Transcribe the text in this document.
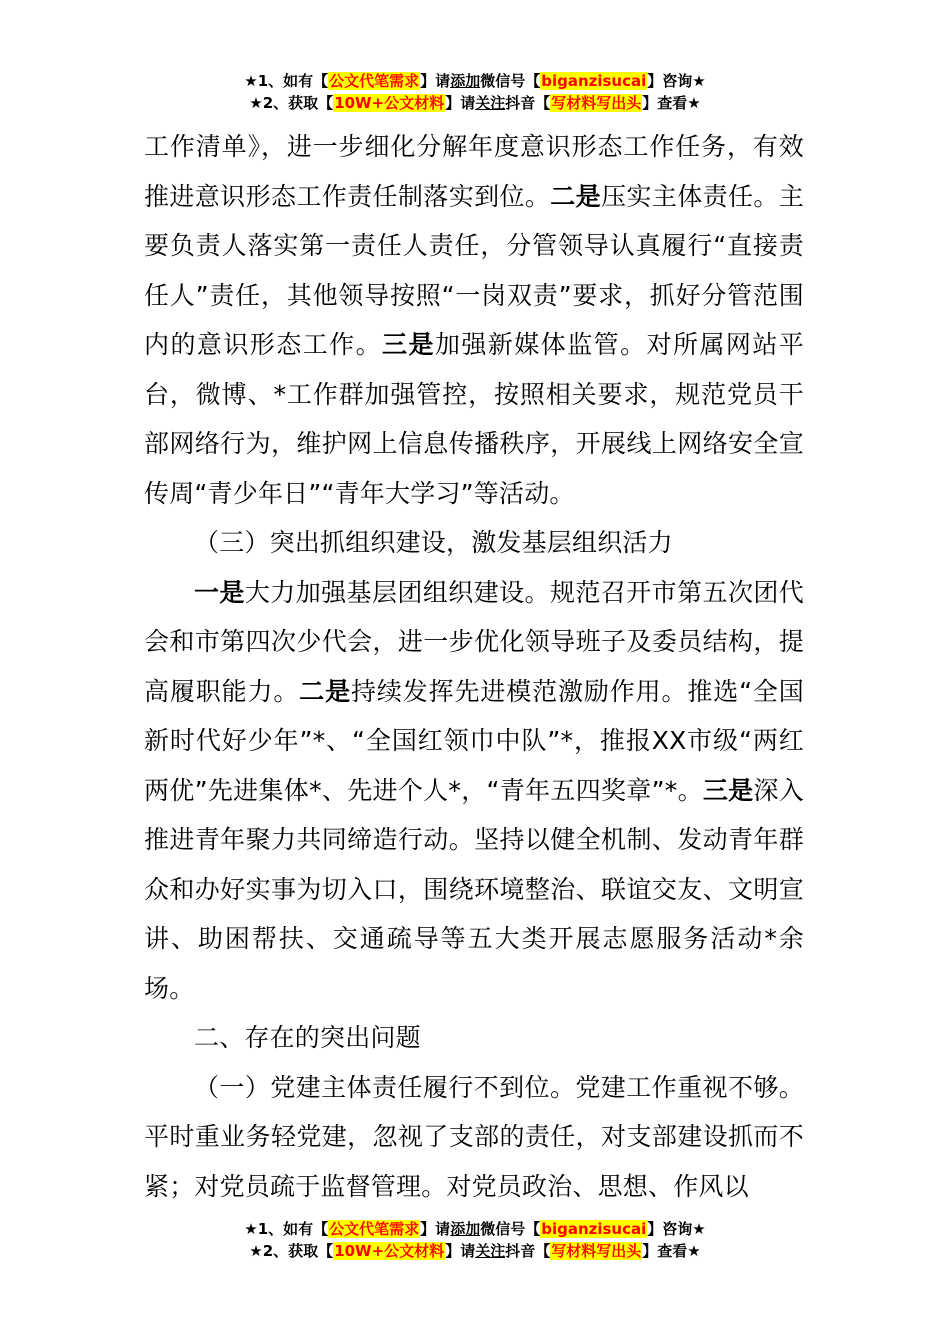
★1、如有【公文代笔需求】请添加微信号【biganzisucai】咨询★
★2、获取【10W+公文材料】请关注抖音【写材料写出头】查看★

工作清单》，进一步细化分解年度意识形态工作任务，有效推进意识形态工作责任制落实到位。二是压实主体责任。主要负责人落实第一责任人责任，分管领导认真履行“直接责任人”责任，其他领导按照“一岗双责”要求，抓好分管范围内的意识形态工作。三是加强新媒体监管。对所属网站平台，微博、*工作群加强管控，按照相关要求，规范党员干部网络行为，维护网上信息传播秩序，开展线上网络安全宣传周“青少年日”“青年大学习”等活动。

（三）突出抓组织建设，激发基层组织活力

一是大力加强基层团组织建设。规范召开市第五次团代会和市第四次少代会，进一步优化领导班子及委员结构，提高履职能力。二是持续发挥先进模范激励作用。推选“全国新时代好少年”*、“全国红领巾中队”*，推报XX市级“两红两优”先进集体*、先进个人*，“青年五四奖章”*。三是深入推进青年聚力共同缔造行动。坚持以健全机制、发动青年群众和办好实事为切入口，围绕环境整治、联谊交友、文明宣讲、助困帮扶、交通疏导等五大类开展志愿服务活动*余场。

二、存在的突出问题

（一）党建主体责任履行不到位。党建工作重视不够。平时重业务轻党建，忽视了支部的责任，对支部建设抓而不紧；对党员疏于监督管理。对党员政治、思想、作风以

★1、如有【公文代笔需求】请添加微信号【biganzisucai】咨询★
★2、获取【10W+公文材料】请关注抖音【写材料写出头】查看★
